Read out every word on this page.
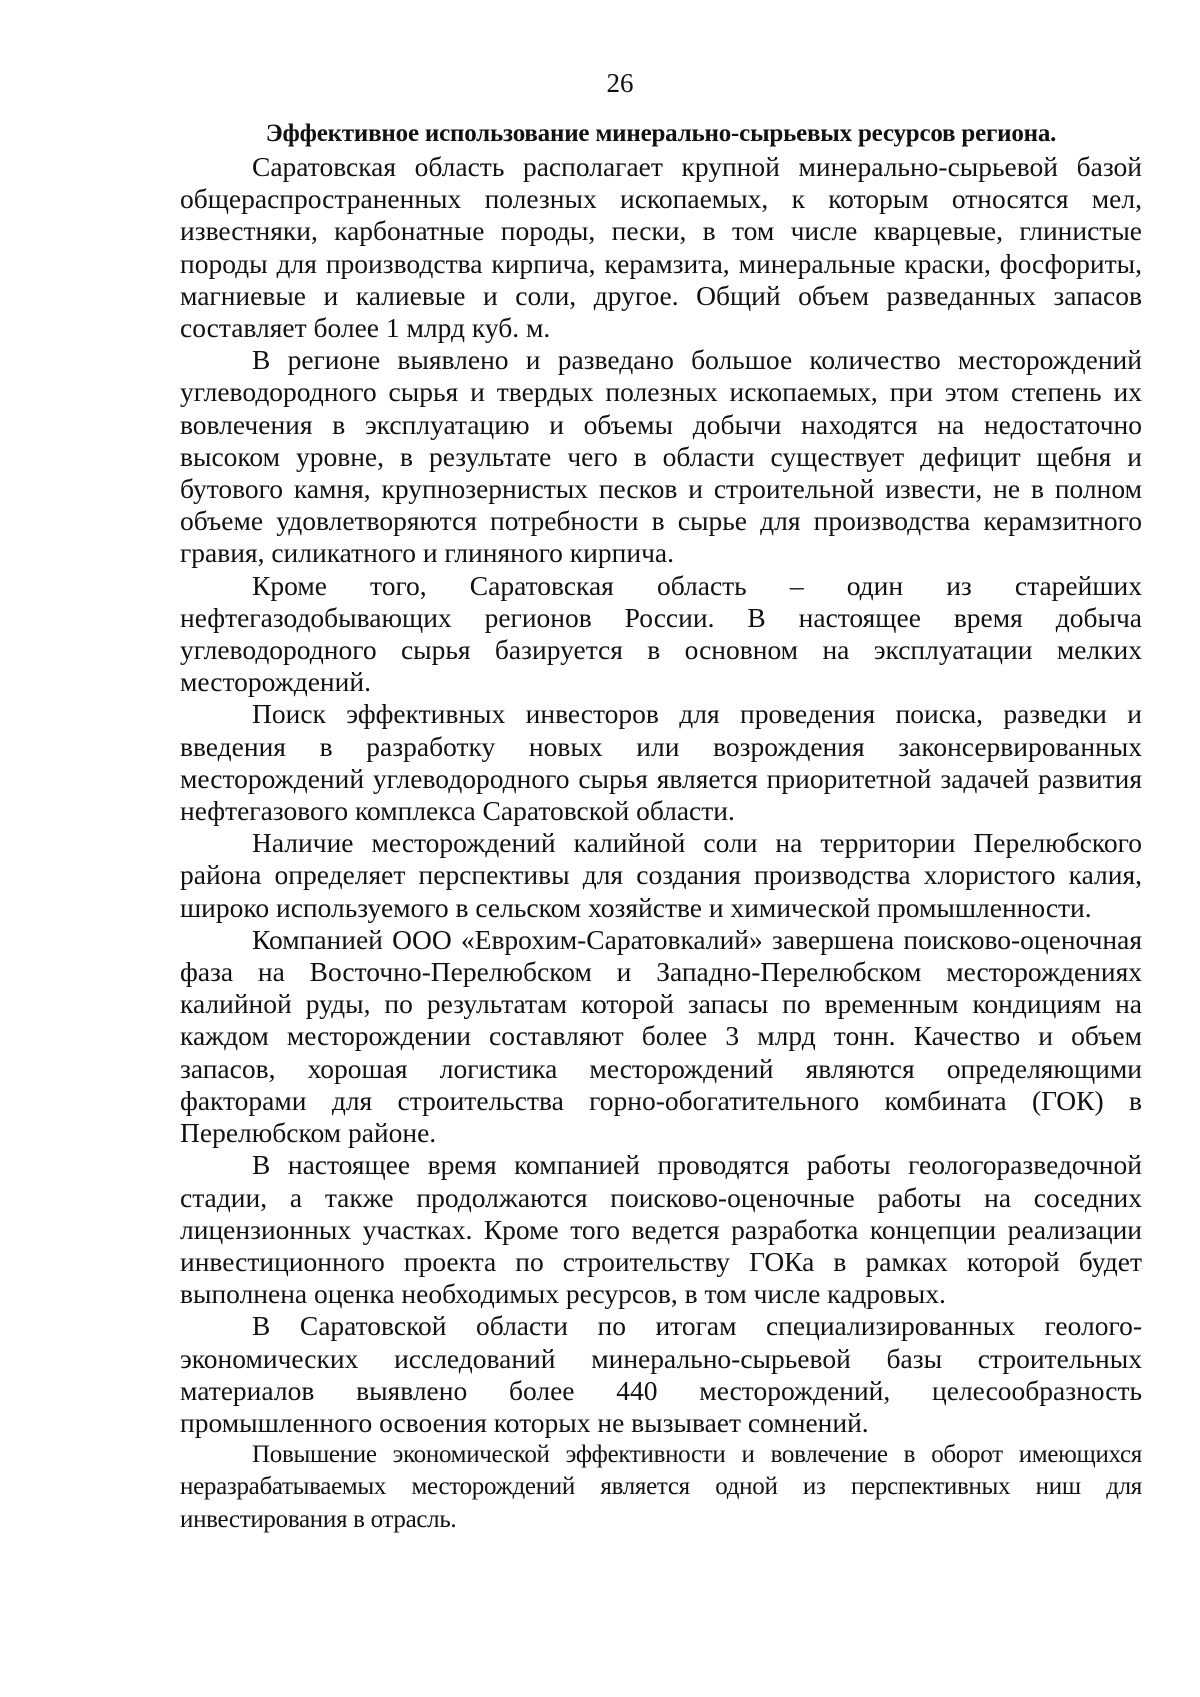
26

Эффективное использование минерально-сырьевых ресурсов региона.

Саратовская область располагает крупной минерально-сырьевой базой общераспространенных полезных ископаемых, к которым относятся мел, известняки, карбонатные породы, пески, в том числе кварцевые, глинистые породы для производства кирпича, керамзита, минеральные краски, фосфориты, магниевые и калиевые и соли, другое. Общий объем разведанных запасов составляет более 1 млрд куб. м.

В регионе выявлено и разведано большое количество месторождений углеводородного сырья и твердых полезных ископаемых, при этом степень их вовлечения в эксплуатацию и объемы добычи находятся на недостаточно высоком уровне, в результате чего в области существует дефицит щебня и бутового камня, крупнозернистых песков и строительной извести, не в полном объеме удовлетворяются потребности в сырье для производства керамзитного гравия, силикатного и глиняного кирпича.

Кроме того, Саратовская область – один из старейших нефтегазодобывающих регионов России. В настоящее время добыча углеводородного сырья базируется в основном на эксплуатации мелких месторождений.

Поиск эффективных инвесторов для проведения поиска, разведки и введения в разработку новых или возрождения законсервированных месторождений углеводородного сырья является приоритетной задачей развития нефтегазового комплекса Саратовской области.

Наличие месторождений калийной соли на территории Перелюбского района определяет перспективы для создания производства хлористого калия, широко используемого в сельском хозяйстве и химической промышленности.

Компанией ООО «Еврохим-Саратовкалий» завершена поисково-оценочная фаза на Восточно-Перелюбском и Западно-Перелюбском месторождениях калийной руды, по результатам которой запасы по временным кондициям на каждом месторождении составляют более 3 млрд тонн. Качество и объем запасов, хорошая логистика месторождений являются определяющими факторами для строительства горно-обогатительного комбината (ГОК) в Перелюбском районе.

В настоящее время компанией проводятся работы геологоразведочной стадии, а также продолжаются поисково-оценочные работы на соседних лицензионных участках. Кроме того ведется разработка концепции реализации инвестиционного проекта по строительству ГОКа в рамках которой будет выполнена оценка необходимых ресурсов, в том числе кадровых.

В Саратовской области по итогам специализированных геолого-экономических исследований минерально-сырьевой базы строительных материалов выявлено более 440 месторождений, целесообразность промышленного освоения которых не вызывает сомнений.

Повышение экономической эффективности и вовлечение в оборот имеющихся неразрабатываемых месторождений является одной из перспективных ниш для инвестирования в отрасль.
